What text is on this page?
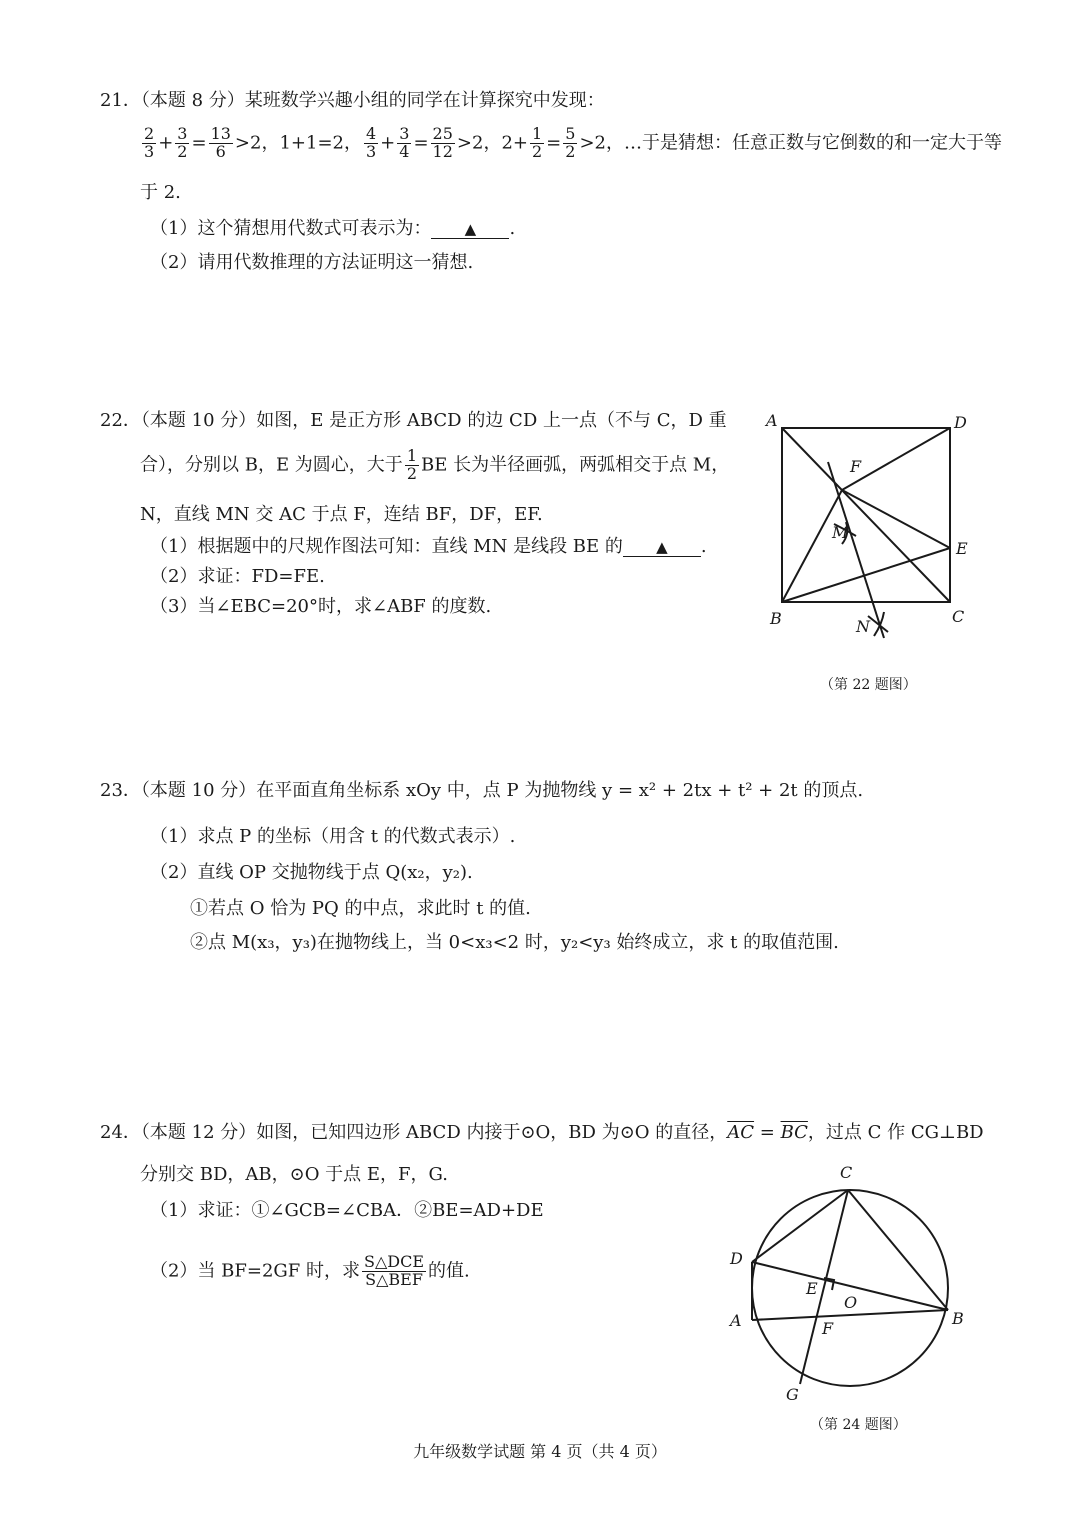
21．（本题 8 分）某班数学兴趣小组的同学在计算探究中发现：
$\frac{2}{3} + \frac{3}{2} = \frac{13}{6} >2$，1+1=2， $\frac{4}{3} + \frac{3}{4} = \frac{25}{12} >2$，$2+ \frac{1}{2} = \frac{5}{2} >2$，…于是猜想：任意正数与它倒数的和一定大于等
于 2.
（1）这个猜想用代数式可表示为： ▲ .
（2）请用代数推理的方法证明这一猜想.
22．（本题 10 分）如图，E 是正方形 ABCD 的边 CD 上一点（不与 C，D 重
合），分别以 B，E 为圆心，大于 $\frac{1}{2}$ BE 长为半径画弧，两弧相交于点 M，
N，直线 MN 交 AC 于点 F，连结 BF，DF，EF.
（1）根据题中的尺规作图法可知：直线 MN 是线段 BE 的 ▲ .
（2）求证：FD=FE.
（3）当∠EBC=20°时，求∠ABF 的度数.
A	D
B	C
E
F
M
N
（第 22 题图）
23．（本题 10 分）在平面直角坐标系 xOy 中，点 P 为抛物线 y = x² + 2tx + t² + 2t 的顶点.
（1）求点 P 的坐标（用含 t 的代数式表示）.
（2）直线 OP 交抛物线于点 Q(x₂，y₂).
①若点 O 恰为 PQ 的中点，求此时 t 的值.
②点 M(x₃，y₃)在抛物线上，当 0<x₃<2 时，y₂<y₃ 始终成立，求 t 的取值范围.
24．（本题 12 分）如图，已知四边形 ABCD 内接于⊙O，BD 为⊙O 的直径，$\overline{AC} = \overline{BC}$，过点 C 作 CG⊥BD
分别交 BD，AB，⊙O 于点 E，F，G.
（1）求证：①∠GCB=∠CBA．②BE=AD+DE
（2）当 BF=2GF 时，求 $\frac{\text{S△DCE}}{\text{S△BEF}}$ 的值.
C
D
A	B
E
O
F
G
（第 24 题图）
九年级数学试题 第 4 页（共 4 页）
